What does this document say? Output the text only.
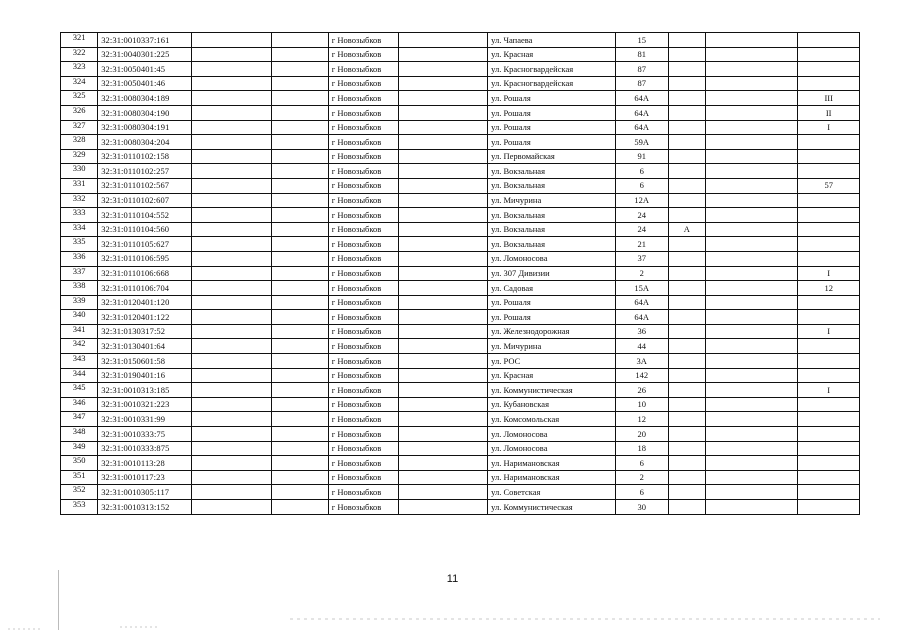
321	32:31:0010337:161			г Новозыбков		ул. Чапаева	15			
322	32:31:0040301:225			г Новозыбков		ул. Красная	81			
323	32:31:0050401:45			г Новозыбков		ул. Красногвардейская	87			
324	32:31:0050401:46			г Новозыбков		ул. Красногвардейская	87			
325	32:31:0080304:189			г Новозыбков		ул. Рошаля	64А			III
326	32:31:0080304:190			г Новозыбков		ул. Рошаля	64А			II
327	32:31:0080304:191			г Новозыбков		ул. Рошаля	64А			I
328	32:31:0080304:204			г Новозыбков		ул. Рошаля	59А			
329	32:31:0110102:158			г Новозыбков		ул. Первомайская	91			
330	32:31:0110102:257			г Новозыбков		ул. Вокзальная	6			
331	32:31:0110102:567			г Новозыбков		ул. Вокзальная	6			57
332	32:31:0110102:607			г Новозыбков		ул. Мичурина	12А			
333	32:31:0110104:552			г Новозыбков		ул. Вокзальная	24			
334	32:31:0110104:560			г Новозыбков		ул. Вокзальная	24	А		
335	32:31:0110105:627			г Новозыбков		ул. Вокзальная	21			
336	32:31:0110106:595			г Новозыбков		ул. Ломоносова	37			
337	32:31:0110106:668			г Новозыбков		ул. 307 Дивизии	2			I
338	32:31:0110106:704			г Новозыбков		ул. Садовая	15А			12
339	32:31:0120401:120			г Новозыбков		ул. Рошаля	64А			
340	32:31:0120401:122			г Новозыбков		ул. Рошаля	64А			
341	32:31:0130317:52			г Новозыбков		ул. Железнодорожная	36			I
342	32:31:0130401:64			г Новозыбков		ул. Мичурина	44			
343	32:31:0150601:58			г Новозыбков		ул. РОС	3А			
344	32:31:0190401:16			г Новозыбков		ул. Красная	142			
345	32:31:0010313:185			г Новозыбков		ул. Коммунистическая	26			I
346	32:31:0010321:223			г Новозыбков		ул. Кубановская	10			
347	32:31:0010331:99			г Новозыбков		ул. Комсомольская	12			
348	32:31:0010333:75			г Новозыбков		ул. Ломоносова	20			
349	32:31:0010333:875			г Новозыбков		ул. Ломоносова	18			
350	32:31:0010113:28			г Новозыбков		ул. Наримановская	6			
351	32:31:0010117:23			г Новозыбков		ул. Наримановская	2			
352	32:31:0010305:117			г Новозыбков		ул. Советская	6			
353	32:31:0010313:152			г Новозыбков		ул. Коммунистическая	30			
11
